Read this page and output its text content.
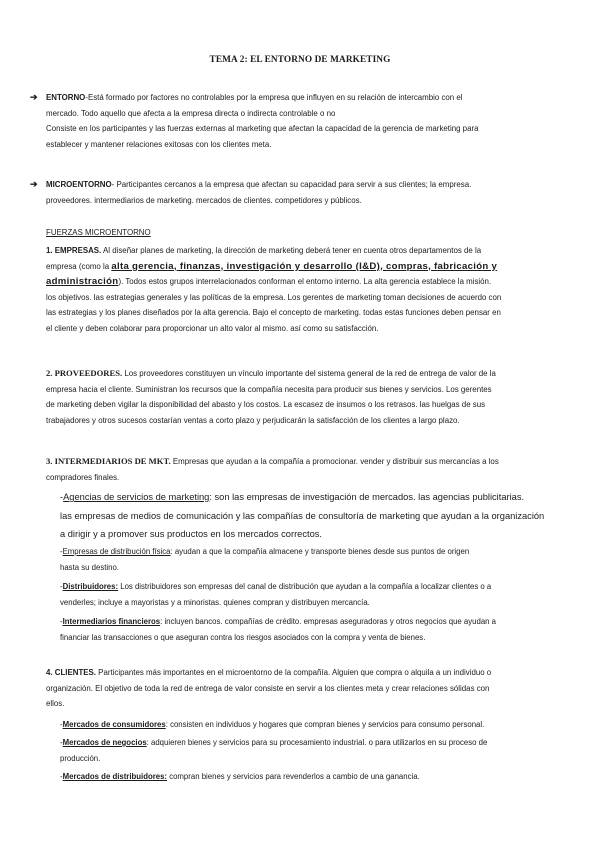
TEMA 2: EL ENTORNO DE MARKETING
➔ ENTORNO-Está formado por factores no controlables por la empresa que influyen en su relación de intercambio con el
mercado. Todo aquello que afecta a la empresa directa o indirecta controlable o no
Consiste en los participantes y las fuerzas externas al marketing que afectan la capacidad de la gerencia de marketing para
establecer y mantener relaciones exitosas con los clientes meta.
➔ MICROENTORNO- Participantes cercanos a la empresa que afectan su capacidad para servir a sus clientes; la empresa.
proveedores. intermediarios de marketing. mercados de clientes. competidores y públicos.
FUERZAS MICROENTORNO
1. EMPRESAS. Al diseñar planes de marketing, la dirección de marketing deberá tener en cuenta otros departamentos de la
empresa (como la alta gerencia, finanzas, investigación y desarrollo (I&D), compras, fabricación y
administración). Todos estos grupos interrelacionados conforman el entorno interno. La alta gerencia establece la misión.
los objetivos. las estrategias generales y las políticas de la empresa. Los gerentes de marketing toman decisiones de acuerdo con
las estrategias y los planes diseñados por la alta gerencia. Bajo el concepto de marketing. todas estas funciones deben pensar en
el cliente y deben colaborar para proporcionar un alto valor al mismo. así como su satisfacción.
2. PROVEEDORES. Los proveedores constituyen un vínculo importante del sistema general de la red de entrega de valor de la
empresa hacia el cliente. Suministran los recursos que la compañía necesita para producir sus bienes y servicios. Los gerentes
de marketing deben vigilar la disponibilidad del abasto y los costos. La escasez de insumos o los retrasos. las huelgas de sus
trabajadores y otros sucesos costarían ventas a corto plazo y perjudicarán la satisfacción de los clientes a largo plazo.
3. INTERMEDIARIOS DE MKT. Empresas que ayudan a la compañía a promocionar. vender y distribuir sus mercancías a los
compradores finales.
-Agencias de servicios de marketing: son las empresas de investigación de mercados. las agencias publicitarias.
las empresas de medios de comunicación y las compañías de consultoría de marketing que ayudan a la organización
a dirigir y a promover sus productos en los mercados correctos.
-Empresas de distribución física: ayudan a que la compañía almacene y transporte bienes desde sus puntos de origen
hasta su destino.
-Distribuidores: Los distribuidores son empresas del canal de distribución que ayudan a la compañía a localizar clientes o a
venderles; incluye a mayoristas y a minoristas. quienes compran y distribuyen mercancía.
-Intermediarios financieros: incluyen bancos. compañías de crédito. empresas aseguradoras y otros negocios que ayudan a
financiar las transacciones o que aseguran contra los riesgos asociados con la compra y venta de bienes.
4. CLIENTES. Participantes más importantes en el microentorno de la compañía. Alguien que compra o alquila a un individuo o
organización. El objetivo de toda la red de entrega de valor consiste en servir a los clientes meta y crear relaciones sólidas con
ellos.
-Mercados de consumidores: consisten en individuos y hogares que compran bienes y servicios para consumo personal.
-Mercados de negocios: adquieren bienes y servicios para su procesamiento industrial. o para utilizarlos en su proceso de
producción.
-Mercados de distribuidores: compran bienes y servicios para revenderlos a cambio de una ganancia.
